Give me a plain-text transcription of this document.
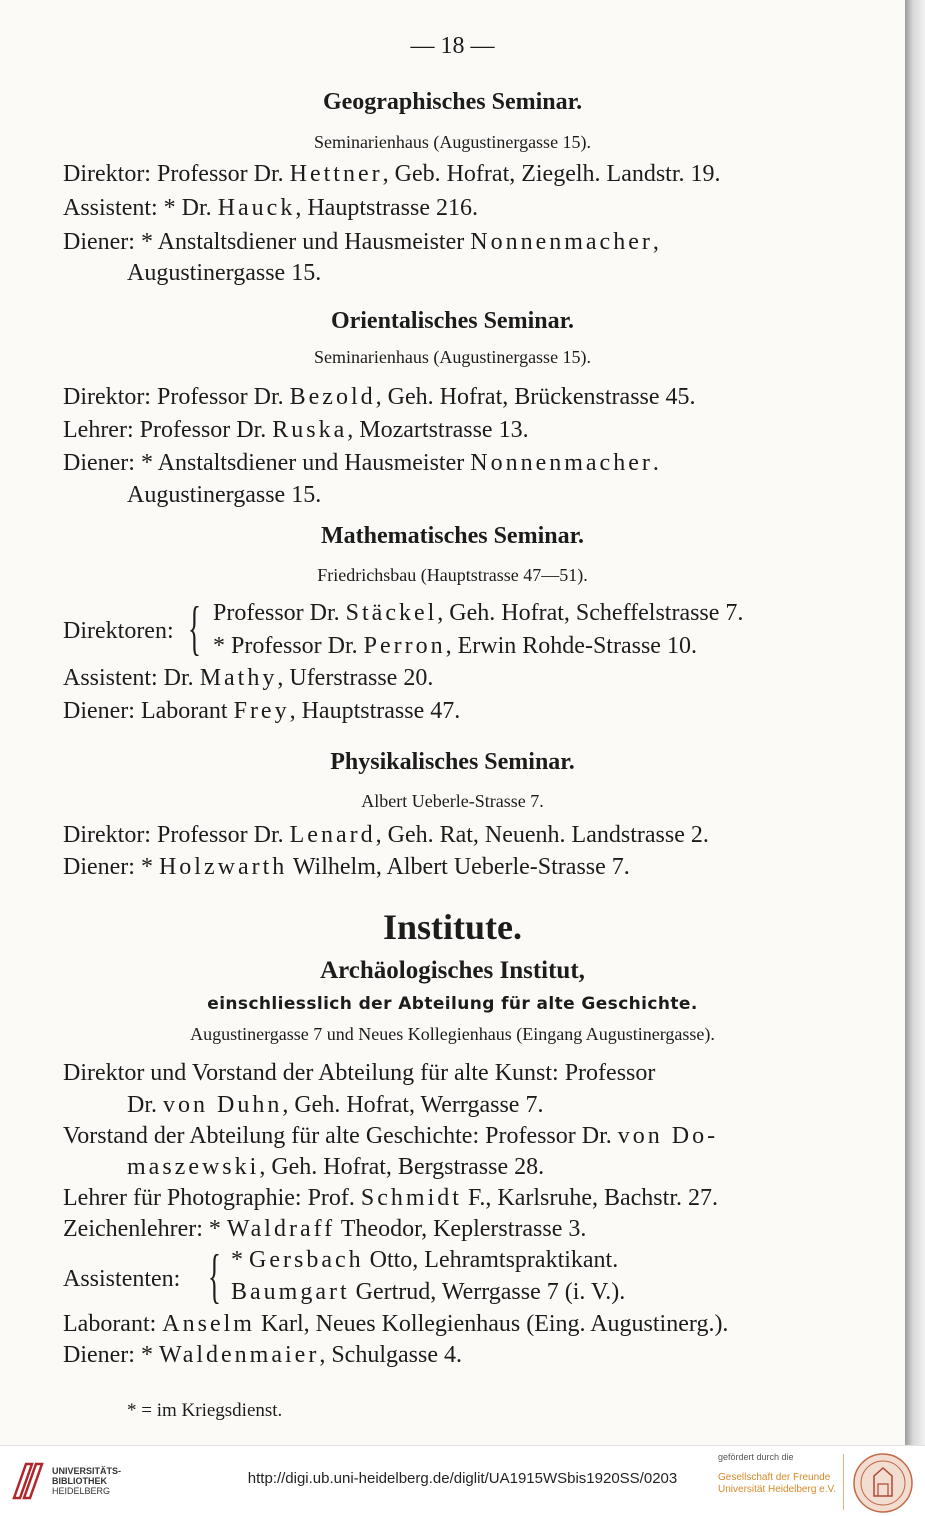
— 18 —
Geographisches Seminar.
Seminarienhaus (Augustinergasse 15).
Direktor: Professor Dr. Hettner, Geb. Hofrat, Ziegelh. Landstr. 19.
Assistent: * Dr. Hauck, Hauptstrasse 216.
Diener: * Anstaltsdiener und Hausmeister Nonnenmacher,
Augustinergasse 15.
Orientalisches Seminar.
Seminarienhaus (Augustinergasse 15).
Direktor: Professor Dr. Bezold, Geh. Hofrat, Brückenstrasse 45.
Lehrer: Professor Dr. Ruska, Mozartstrasse 13.
Diener: * Anstaltsdiener und Hausmeister Nonnenmacher.
Augustinergasse 15.
Mathematisches Seminar.
Friedrichsbau (Hauptstrasse 47—51).
Direktoren: { Professor Dr. Stäckel, Geh. Hofrat, Scheffelstrasse 7.
* Professor Dr. Perron, Erwin Rohde-Strasse 10.
Assistent: Dr. Mathy, Uferstrasse 20.
Diener: Laborant Frey, Hauptstrasse 47.
Physikalisches Seminar.
Albert Ueberle-Strasse 7.
Direktor: Professor Dr. Lenard, Geh. Rat, Neuenh. Landstrasse 2.
Diener: * Holzwarth Wilhelm, Albert Ueberle-Strasse 7.
Institute.
Archäologisches Institut,
einschliesslich der Abteilung für alte Geschichte.
Augustinergasse 7 und Neues Kollegienhaus (Eingang Augustinergasse).
Direktor und Vorstand der Abteilung für alte Kunst: Professor
Dr. von Duhn, Geh. Hofrat, Werrgasse 7.
Vorstand der Abteilung für alte Geschichte: Professor Dr. von Do-
maszewski, Geh. Hofrat, Bergstrasse 28.
Lehrer für Photographie: Prof. Schmidt F., Karlsruhe, Bachstr. 27.
Zeichenlehrer: * Waldraff Theodor, Keplerstrasse 3.
Assistenten: { * Gersbach Otto, Lehramtspraktikant.
Baumgart Gertrud, Werrgasse 7 (i. V.).
Laborant: Anselm Karl, Neues Kollegienhaus (Eing. Augustinerg.).
Diener: * Waldenmaier, Schulgasse 4.
* = im Kriegsdienst.
UNIVERSITÄTS-
BIBLIOTHEK
HEIDELBERG
http://digi.ub.uni-heidelberg.de/diglit/UA1915WSbis1920SS/0203
gefördert durch die
Gesellschaft der Freunde
Universität Heidelberg e.V.
